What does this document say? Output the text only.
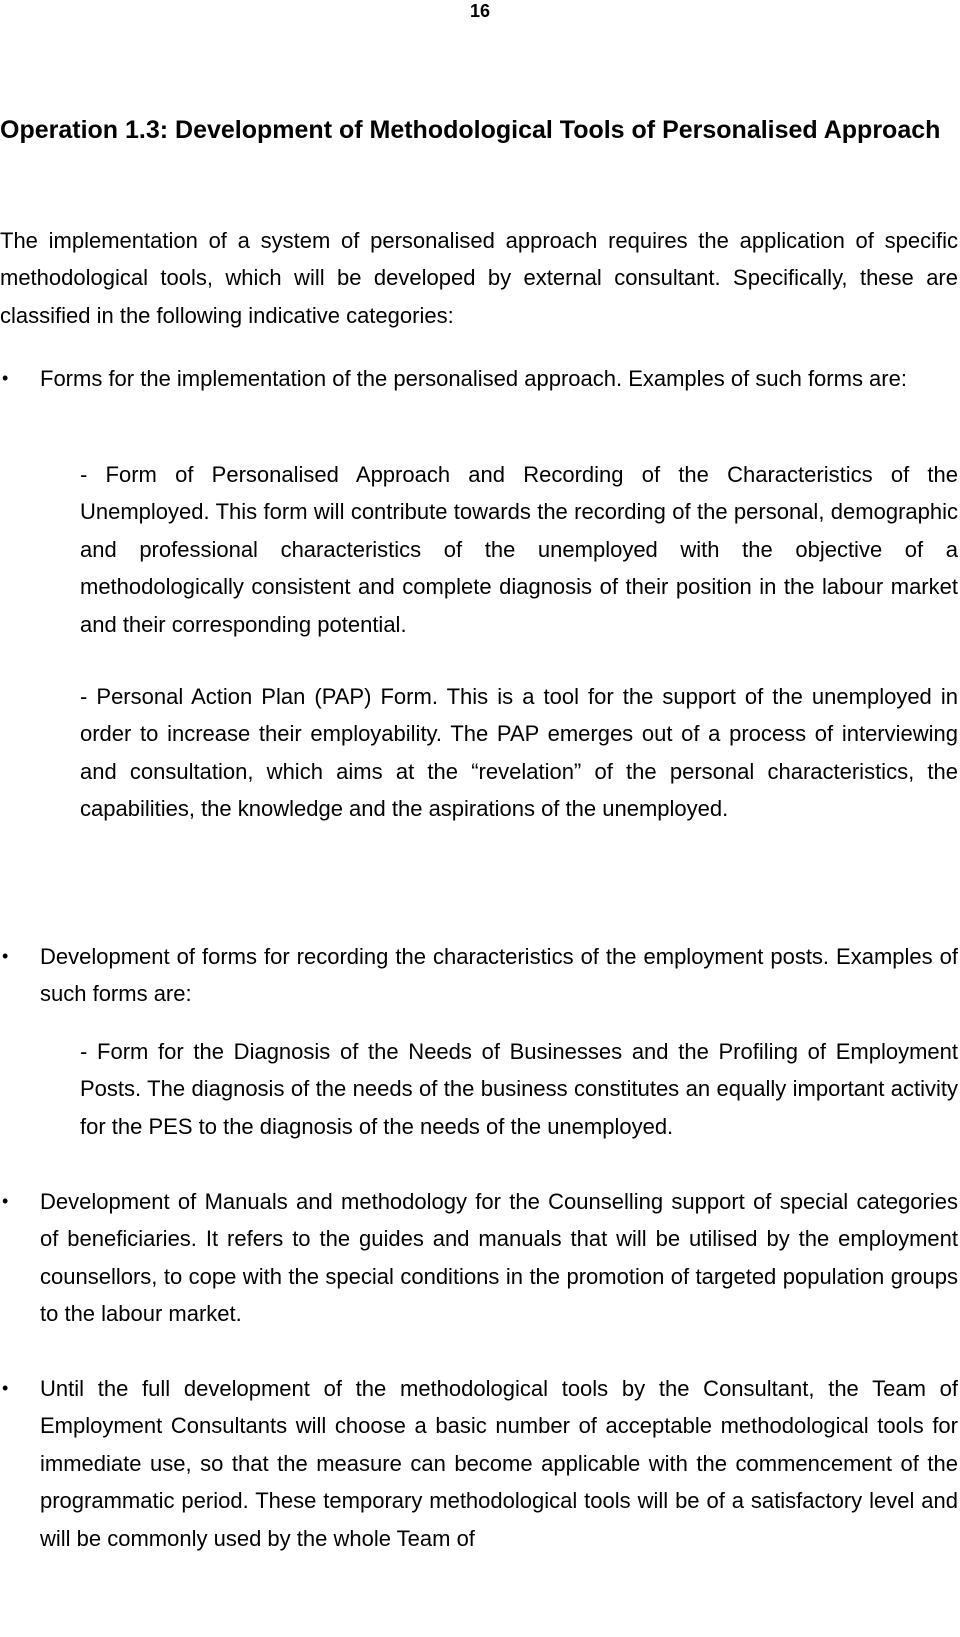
16
Operation 1.3: Development of Methodological Tools of Personalised Approach

The implementation of a system of personalised approach requires the application of specific methodological tools, which will be developed by external consultant. Specifically, these are classified in the following indicative categories:

• Forms for the implementation of the personalised approach. Examples of such forms are:
- Form of Personalised Approach and Recording of the Characteristics of the Unemployed. This form will contribute towards the recording of the personal, demographic and professional characteristics of the unemployed with the objective of a methodologically consistent and complete diagnosis of their position in the labour market and their corresponding potential.
- Personal Action Plan (PAP) Form. This is a tool for the support of the unemployed in order to increase their employability. The PAP emerges out of a process of interviewing and consultation, which aims at the “revelation” of the personal characteristics, the capabilities, the knowledge and the aspirations of the unemployed.
• Development of forms for recording the characteristics of the employment posts. Examples of such forms are:
- Form for the Diagnosis of the Needs of Businesses and the Profiling of Employment Posts. The diagnosis of the needs of the business constitutes an equally important activity for the PES to the diagnosis of the needs of the unemployed.
• Development of Manuals and methodology for the Counselling support of special categories of beneficiaries. It refers to the guides and manuals that will be utilised by the employment counsellors, to cope with the special conditions in the promotion of targeted population groups to the labour market.
• Until the full development of the methodological tools by the Consultant, the Team of Employment Consultants will choose a basic number of acceptable methodological tools for immediate use, so that the measure can become applicable with the commencement of the programmatic period. These temporary methodological tools will be of a satisfactory level and will be commonly used by the whole Team of
